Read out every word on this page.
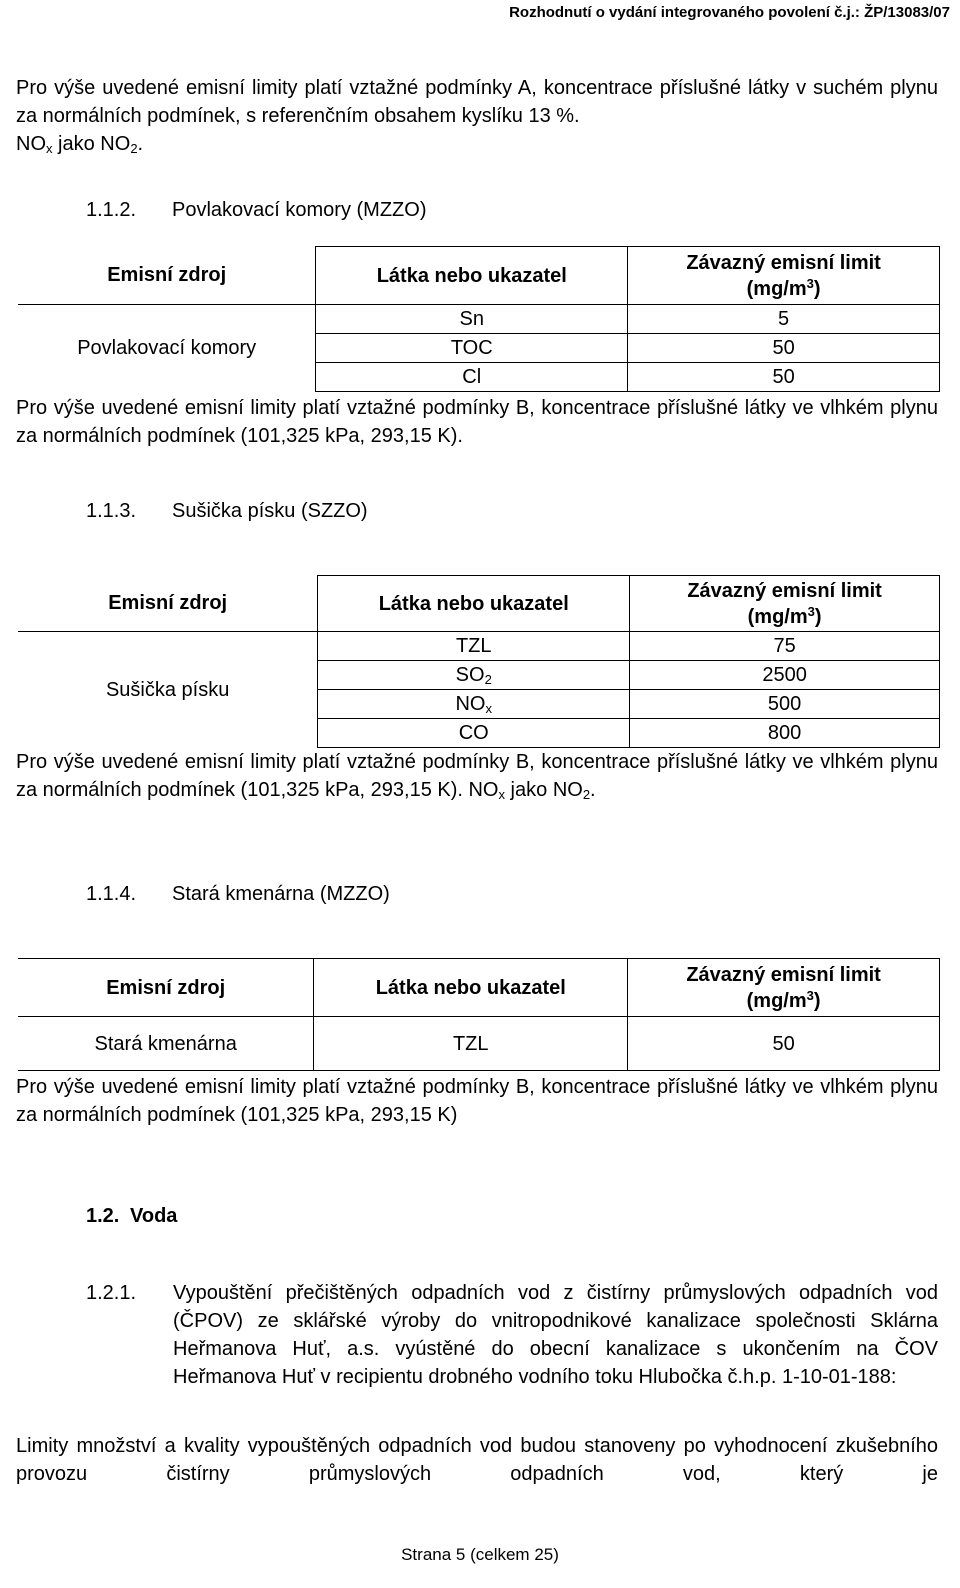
Rozhodnutí o vydání integrovaného povolení č.j.: ŽP/13083/07
Pro výše uvedené emisní limity platí vztažné podmínky A, koncentrace příslušné látky v suchém plynu za normálních podmínek, s referenčním obsahem kyslíku 13 %.
$NO_x$ jako $NO_2$.
1.1.2. Povlakovací komory (MZZO)
Emisní zdroj	Látka nebo ukazatel	Závazný emisní limit
$(mg/m^3)$
Povlakovací komory	Sn	5
	TOC	50
	Cl	50
Pro výše uvedené emisní limity platí vztažné podmínky B, koncentrace příslušné látky ve vlhkém plynu za normálních podmínek (101,325 kPa, 293,15 K).
1.1.3. Sušička písku (SZZO)
Emisní zdroj	Látka nebo ukazatel	Závazný emisní limit
$(mg/m^3)$
Sušička písku	TZL	75
	$SO_2$	2500
	$NO_x$	500
	CO	800
Pro výše uvedené emisní limity platí vztažné podmínky B, koncentrace příslušné látky ve vlhkém plynu za normálních podmínek (101,325 kPa, 293,15 K). $NO_x$ jako $NO_2$.
1.1.4. Stará kmenárna (MZZO)
Emisní zdroj	Látka nebo ukazatel	Závazný emisní limit
$(mg/m^3)$
Stará kmenárna	TZL	50
Pro výše uvedené emisní limity platí vztažné podmínky B, koncentrace příslušné látky ve vlhkém plynu za normálních podmínek (101,325 kPa, 293,15 K)
1.2. Voda
1.2.1. Vypouštění přečištěných odpadních vod z čistírny průmyslových odpadních vod (ČPOV) ze sklářské výroby do vnitropodnikové kanalizace společnosti Sklárna Heřmanova Huť, a.s. vyústěné do obecní kanalizace s ukončením na ČOV Heřmanova Huť v recipientu drobného vodního toku Hlubočka č.h.p. 1-10-01-188:
Limity množství a kvality vypouštěných odpadních vod budou stanoveny po vyhodnocení zkušebního provozu čistírny průmyslových odpadních vod, který je
Strana 5 (celkem 25)
